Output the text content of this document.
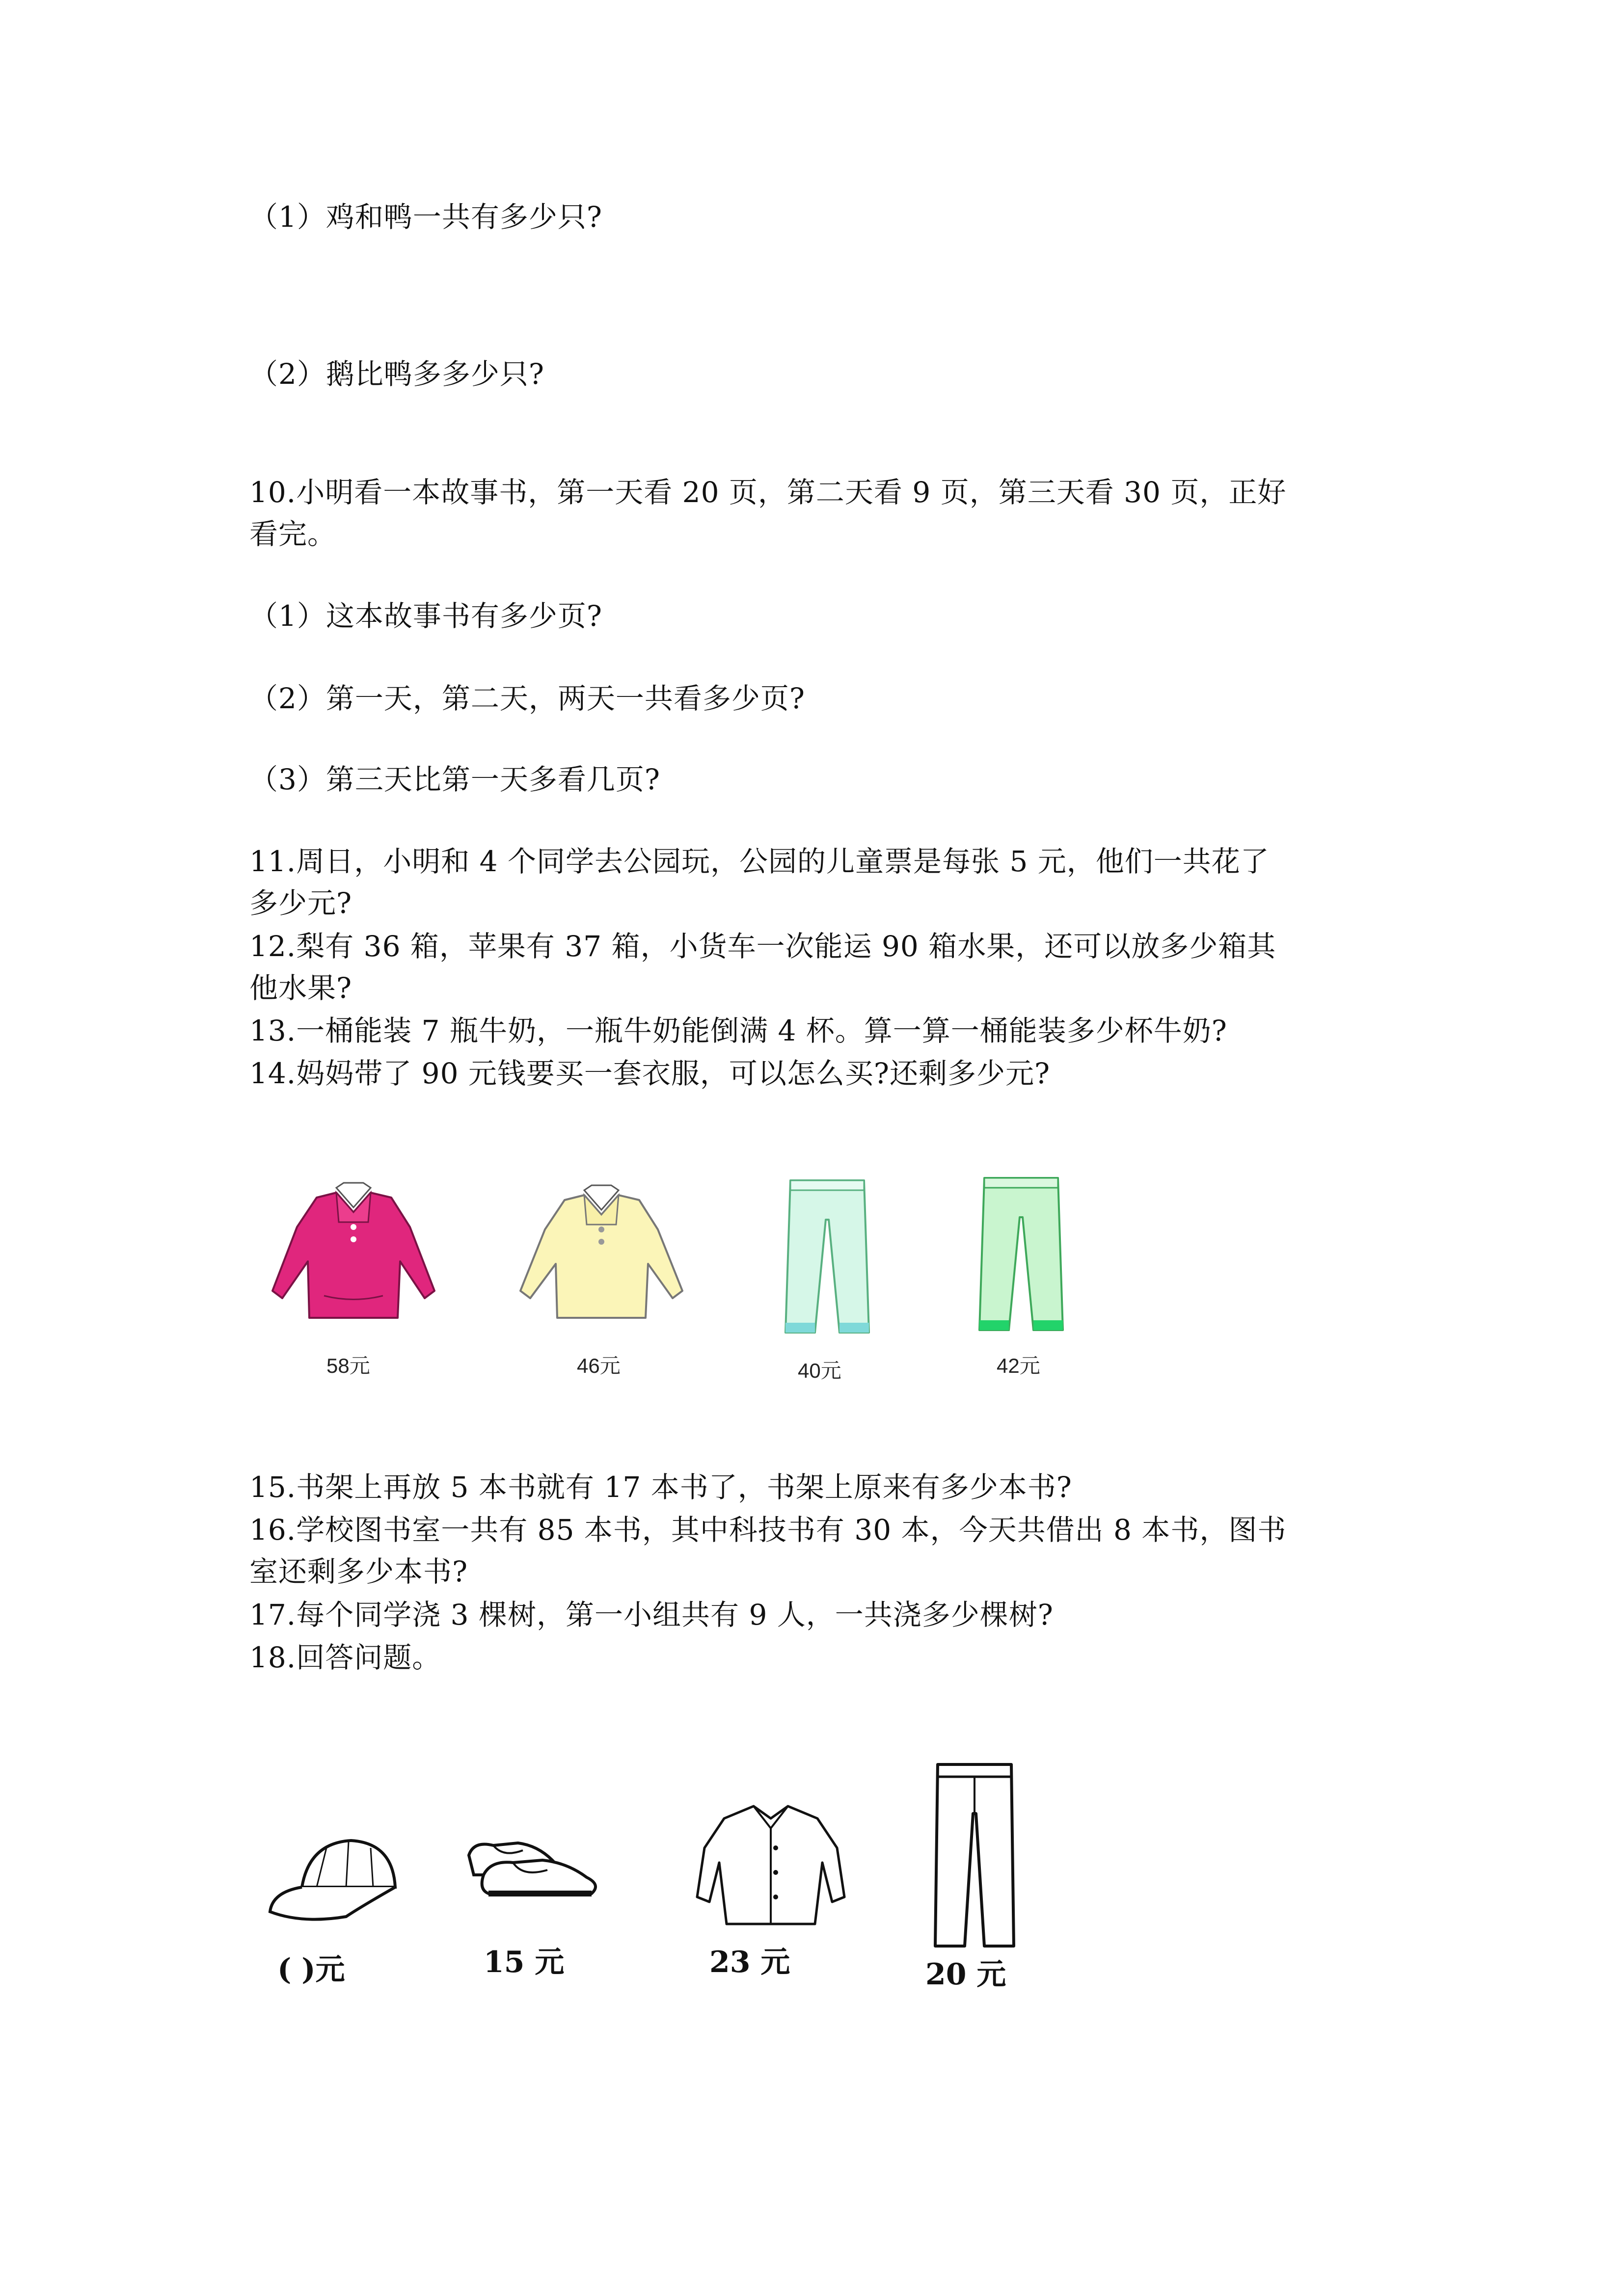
（1）鸡和鸭一共有多少只?
（2）鹅比鸭多多少只?
10.小明看一本故事书，第一天看 20 页，第二天看 9 页，第三天看 30 页，正好
看完。
（1）这本故事书有多少页?
（2）第一天，第二天，两天一共看多少页?
（3）第三天比第一天多看几页?
11.周日，小明和 4 个同学去公园玩，公园的儿童票是每张 5 元，他们一共花了
多少元?
12.梨有 36 箱，苹果有 37 箱，小货车一次能运 90 箱水果，还可以放多少箱其
他水果?
13.一桶能装 7 瓶牛奶，一瓶牛奶能倒满 4 杯。算一算一桶能装多少杯牛奶?
14.妈妈带了 90 元钱要买一套衣服，可以怎么买?还剩多少元?
58元	46元	40元	42元
15.书架上再放 5 本书就有 17 本书了，书架上原来有多少本书?
16.学校图书室一共有 85 本书，其中科技书有 30 本，今天共借出 8 本书，图书
室还剩多少本书?
17.每个同学浇 3 棵树，第一小组共有 9 人，一共浇多少棵树?
18.回答问题。
( )元	15 元	23 元	20 元
